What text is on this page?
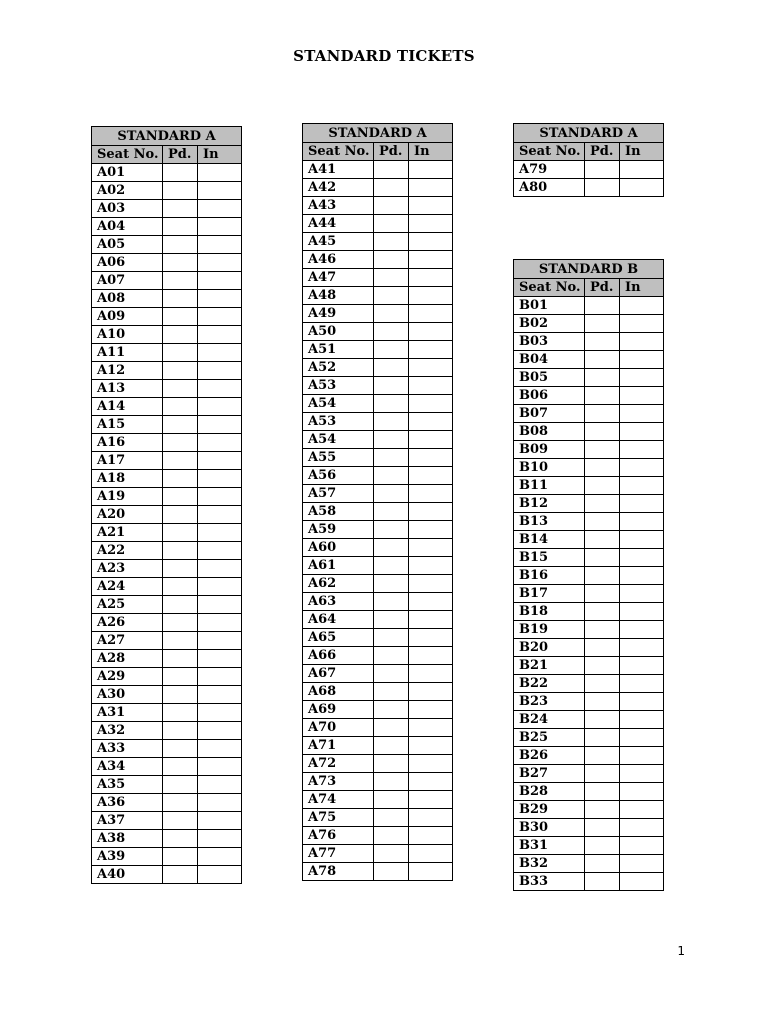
STANDARD TICKETS
STANDARD A		
Seat No.	Pd.	In
A01		
A02		
A03		
A04		
A05		
A06		
A07		
A08		
A09		
A10		
A11		
A12		
A13		
A14		
A15		
A16		
A17		
A18		
A19		
A20		
A21		
A22		
A23		
A24		
A25		
A26		
A27		
A28		
A29		
A30		
A31		
A32		
A33		
A34		
A35		
A36		
A37		
A38		
A39		
A40		
STANDARD A		
Seat No.	Pd.	In
A41		
A42		
A43		
A44		
A45		
A46		
A47		
A48		
A49		
A50		
A51		
A52		
A53		
A54		
A53		
A54		
A55		
A56		
A57		
A58		
A59		
A60		
A61		
A62		
A63		
A64		
A65		
A66		
A67		
A68		
A69		
A70		
A71		
A72		
A73		
A74		
A75		
A76		
A77		
A78		
STANDARD A		
Seat No.	Pd.	In
A79		
A80		
STANDARD B		
Seat No.	Pd.	In
B01		
B02		
B03		
B04		
B05		
B06		
B07		
B08		
B09		
B10		
B11		
B12		
B13		
B14		
B15		
B16		
B17		
B18		
B19		
B20		
B21		
B22		
B23		
B24		
B25		
B26		
B27		
B28		
B29		
B30		
B31		
B32		
B33		
1
